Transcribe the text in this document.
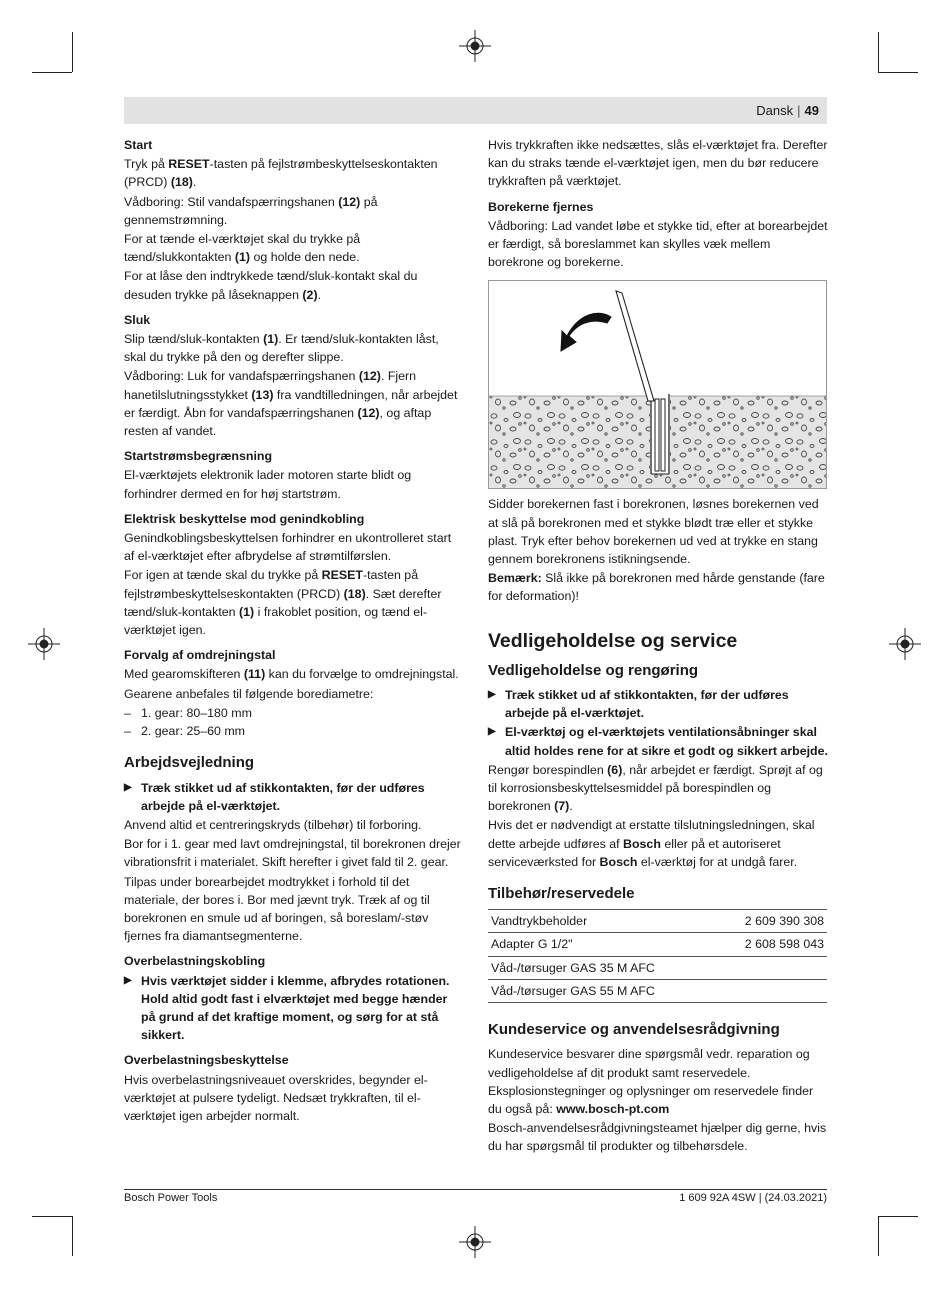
Dansk | 49
Start

Tryk på RESET-tasten på fejlstrømbeskyttelseskontakten (PRCD) (18).

Vådboring: Stil vandafspærringshanen (12) på gennemstrømning.

For at tænde el-værktøjet skal du trykke på tænd/slukkontakten (1) og holde den nede.

For at låse den indtrykkede tænd/sluk-kontakt skal du desuden trykke på låseknappen (2).

Sluk

Slip tænd/sluk-kontakten (1). Er tænd/sluk-kontakten låst, skal du trykke på den og derefter slippe.

Vådboring: Luk for vandafspærringshanen (12). Fjern hanetilslutningsstykket (13) fra vandtilledningen, når arbejdet er færdigt. Åbn for vandafspærringshanen (12), og aftap resten af vandet.

Startstrømsbegrænsning

El-værktøjets elektronik lader motoren starte blidt og forhindrer dermed en for høj startstrøm.

Elektrisk beskyttelse mod genindkobling

Genindkoblingsbeskyttelsen forhindrer en ukontrolleret start af el-værktøjet efter afbrydelse af strømtilførslen.

For igen at tænde skal du trykke på RESET-tasten på fejlstrømbeskyttelseskontakten (PRCD) (18). Sæt derefter tænd/sluk-kontakten (1) i frakoblet position, og tænd el-værktøjet igen.

Forvalg af omdrejningstal

Med gearomskifteren (11) kan du forvælge to omdrejningstal.

Gearene anbefales til følgende borediametre:

– 1. gear: 80–180 mm
– 2. gear: 25–60 mm
Arbejdsvejledning
▶ Træk stikket ud af stikkontakten, før der udføres arbejde på el-værktøjet.

Anvend altid et centreringskryds (tilbehør) til forboring.

Bor for i 1. gear med lavt omdrejningstal, til borekronen drejer vibrationsfrit i materialet. Skift herefter i givet fald til 2. gear.

Tilpas under borearbejdet modtrykket i forhold til det materiale, der bores i. Bor med jævnt tryk. Træk af og til borekronen en smule ud af boringen, så boreslam/-støv fjernes fra diamantsegmenterne.

Overbelastningskobling
▶ Hvis værktøjet sidder i klemme, afbrydes rotationen. Hold altid godt fast i elværktøjet med begge hænder på grund af det kraftige moment, og sørg for at stå sikkert.
Overbelastningsbeskyttelse

Hvis overbelastningsniveauet overskrides, begynder el-værktøjet at pulsere tydeligt. Nedsæt trykkraften, til el-værktøjet igen arbejder normalt.

Hvis trykkraften ikke nedsættes, slås el-værktøjet fra. Derefter kan du straks tænde el-værktøjet igen, men du bør reducere trykkraften på værktøjet.

Borekerne fjernes

Vådboring: Lad vandet løbe et stykke tid, efter at borearbejdet er færdigt, så boreslammet kan skylles væk mellem borekrone og borekerne.

Sidder borekernen fast i borekronen, løsnes borekernen ved at slå på borekronen med et stykke blødt træ eller et stykke plast. Tryk efter behov borekernen ud ved at trykke en stang gennem borekronens istikningsende.

Bemærk: Slå ikke på borekronen med hårde genstande (fare for deformation)!

Vedligeholdelse og service
Vedligeholdelse og rengøring
▶ Træk stikket ud af stikkontakten, før der udføres arbejde på el-værktøjet.
▶ El-værktøj og el-værktøjets ventilationsåbninger skal altid holdes rene for at sikre et godt og sikkert arbejde.

Rengør borespindlen (6), når arbejdet er færdigt. Sprøjt af og til korrosionsbeskyttelsesmiddel på borespindlen og borekronen (7).

Hvis det er nødvendigt at erstatte tilslutningsledningen, skal dette arbejde udføres af Bosch eller på et autoriseret serviceværksted for Bosch el-værktøj for at undgå farer.

Tilbehør/reservedele
Vandtrykbeholder	2 609 390 308
Adapter G 1/2"	2 608 598 043
Våd-/tørsuger GAS 35 M AFC	
Våd-/tørsuger GAS 55 M AFC	
Kundeservice og anvendelsesrådgivning

Kundeservice besvarer dine spørgsmål vedr. reparation og vedligeholdelse af dit produkt samt reservedele. Eksplosionstegninger og oplysninger om reservedele finder du også på: www.bosch-pt.com

Bosch-anvendelsesrådgivningsteamet hjælper dig gerne, hvis du har spørgsmål til produkter og tilbehørsdele.

Bosch Power Tools	1 609 92A 4SW | (24.03.2021)
